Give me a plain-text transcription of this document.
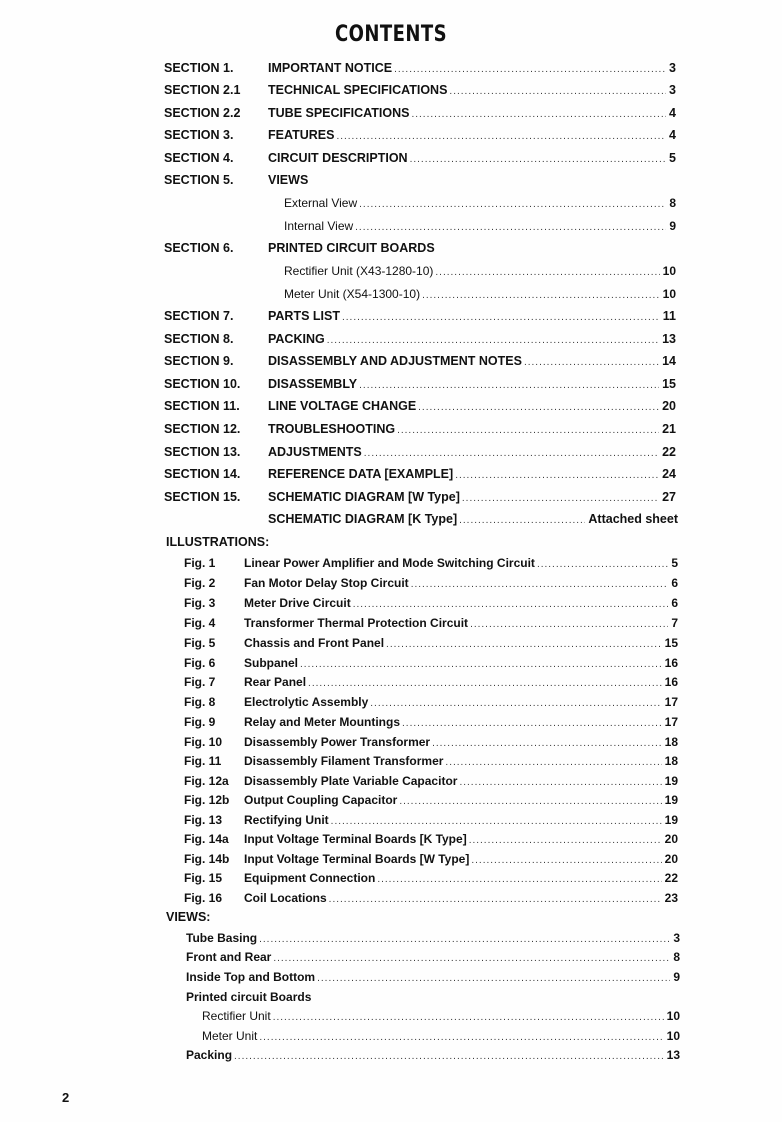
CONTENTS
SECTION 1.	IMPORTANT NOTICE .....	3
SECTION 2.1	TECHNICAL SPECIFICATIONS .....	3
SECTION 2.2	TUBE SPECIFICATIONS .....	4
SECTION 3.	FEATURES .....	4
SECTION 4.	CIRCUIT DESCRIPTION .....	5
SECTION 5.	VIEWS
External View .....	8
Internal View .....	9
SECTION 6.	PRINTED CIRCUIT BOARDS
Rectifier Unit (X43-1280-10) .....	10
Meter Unit (X54-1300-10) .....	10
SECTION 7.	PARTS LIST .....	11
SECTION 8.	PACKING .....	13
SECTION 9.	DISASSEMBLY AND ADJUSTMENT NOTES .....	14
SECTION 10.	DISASSEMBLY .....	15
SECTION 11.	LINE VOLTAGE CHANGE .....	20
SECTION 12.	TROUBLESHOOTING .....	21
SECTION 13.	ADJUSTMENTS .....	22
SECTION 14.	REFERENCE DATA [EXAMPLE] .....	24
SECTION 15.	SCHEMATIC DIAGRAM [W Type] .....	27
SCHEMATIC DIAGRAM [K Type] .....	Attached sheet
ILLUSTRATIONS:
Fig. 1	Linear Power Amplifier and Mode Switching Circuit .....	5
Fig. 2	Fan Motor Delay Stop Circuit .....	6
Fig. 3	Meter Drive Circuit .....	6
Fig. 4	Transformer Thermal Protection Circuit .....	7
Fig. 5	Chassis and Front Panel .....	15
Fig. 6	Subpanel .....	16
Fig. 7	Rear Panel .....	16
Fig. 8	Electrolytic Assembly .....	17
Fig. 9	Relay and Meter Mountings .....	17
Fig. 10	Disassembly Power Transformer .....	18
Fig. 11	Disassembly Filament Transformer .....	18
Fig. 12a	Disassembly Plate Variable Capacitor .....	19
Fig. 12b	Output Coupling Capacitor .....	19
Fig. 13	Rectifying Unit .....	19
Fig. 14a	Input Voltage Terminal Boards [K Type] .....	20
Fig. 14b	Input Voltage Terminal Boards [W Type] .....	20
Fig. 15	Equipment Connection .....	22
Fig. 16	Coil Locations .....	23
VIEWS:
Tube Basing .....	3
Front and Rear .....	8
Inside Top and Bottom .....	9
Printed circuit Boards
Rectifier Unit .....	10
Meter Unit .....	10
Packing .....	13
2
